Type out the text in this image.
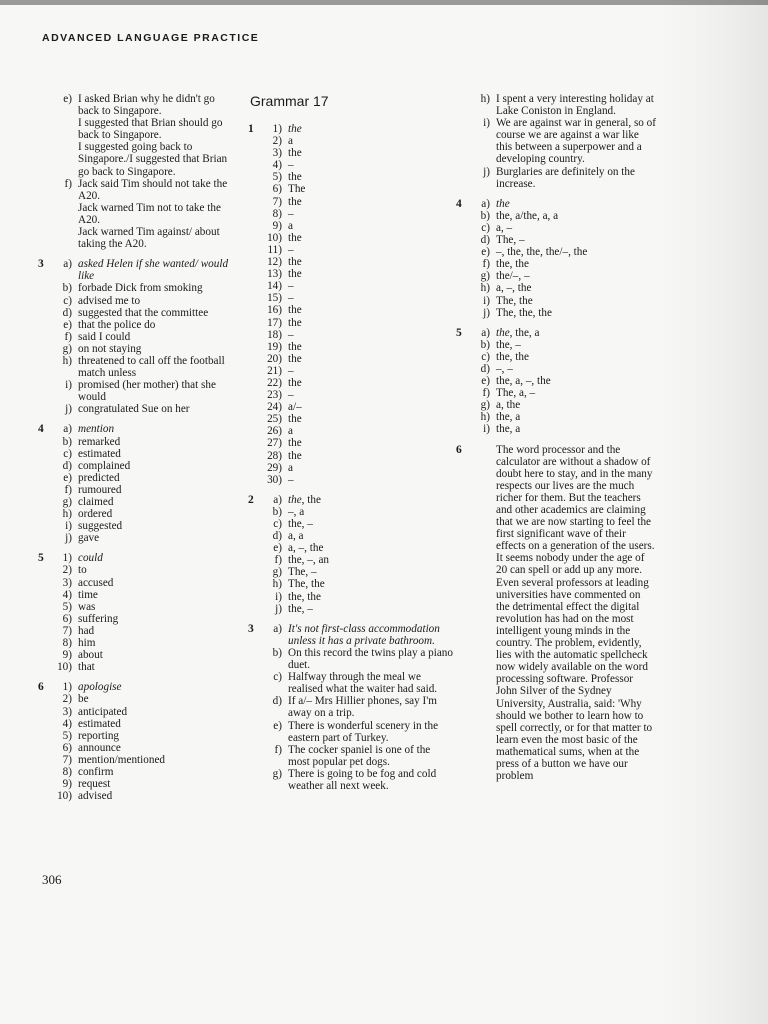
ADVANCED LANGUAGE PRACTICE
e) I asked Brian why he didn't go back to Singapore.
I suggested that Brian should go back to Singapore.
I suggested going back to Singapore./I suggested that Brian go back to Singapore.
f) Jack said Tim should not take the A20.
Jack warned Tim not to take the A20.
Jack warned Tim against/ about taking the A20.
3	a) asked Helen if she wanted/ would like
b) forbade Dick from smoking
c) advised me to
d) suggested that the committee
e) that the police do
f) said I could
g) on not staying
h) threatened to call off the football match unless
i) promised (her mother) that she would
j) congratulated Sue on her
4	a) mention
b) remarked
c) estimated
d) complained
e) predicted
f) rumoured
g) claimed
h) ordered
i) suggested
j) gave
5	1) could
2) to
3) accused
4) time
5) was
6) suffering
7) had
8) him
9) about
10) that
6	1) apologise
2) be
3) anticipated
4) estimated
5) reporting
6) announce
7) mention/mentioned
8) confirm
9) request
10) advised
Grammar 17
1	1) the
2) a
3) the
4) –
5) the
6) The
7) the
8) –
9) a
10) the
11) –
12) the
13) the
14) –
15) –
16) the
17) the
18) –
19) the
20) the
21) –
22) the
23) –
24) a/–
25) the
26) a
27) the
28) the
29) a
30) –
2	a) the, the
b) –, a
c) the, –
d) a, a
e) a, –, the
f) the, –, an
g) The, –
h) The, the
i) the, the
j) the, –
3	a) It's not first-class accommodation unless it has a private bathroom.
b) On this record the twins play a piano duet.
c) Halfway through the meal we realised what the waiter had said.
d) If a/– Mrs Hillier phones, say I'm away on a trip.
e) There is wonderful scenery in the eastern part of Turkey.
f) The cocker spaniel is one of the most popular pet dogs.
g) There is going to be fog and cold weather all next week.
h) I spent a very interesting holiday at Lake Coniston in England.
i) We are against war in general, so of course we are against a war like this between a superpower and a developing country.
j) Burglaries are definitely on the increase.
4	a) the
b) the, a/the, a, a
c) a, –
d) The, –
e) –, the, the, the/–, the
f) the, the
g) the/–, –
h) a, –, the
i) The, the
j) The, the, the
5	a) the, the, a
b) the, –
c) the, the
d) –, –
e) the, a, –, the
f) The, a, –
g) a, the
h) the, a
i) the, a
6	The word processor and the calculator are without a shadow of doubt here to stay, and in the many respects our lives are the much richer for them. But the teachers and other academics are claiming that we are now starting to feel the first significant wave of their effects on a generation of the users. It seems nobody under the age of 20 can spell or add up any more. Even several professors at leading universities have commented on the detrimental effect the digital revolution has had on the most intelligent young minds in the country. The problem, evidently, lies with the automatic spellcheck now widely available on the word processing software. Professor John Silver of the Sydney University, Australia, said: 'Why should we bother to learn how to spell correctly, or for that matter to learn even the most basic of the mathematical sums, when at the press of a button we have our problem
306
